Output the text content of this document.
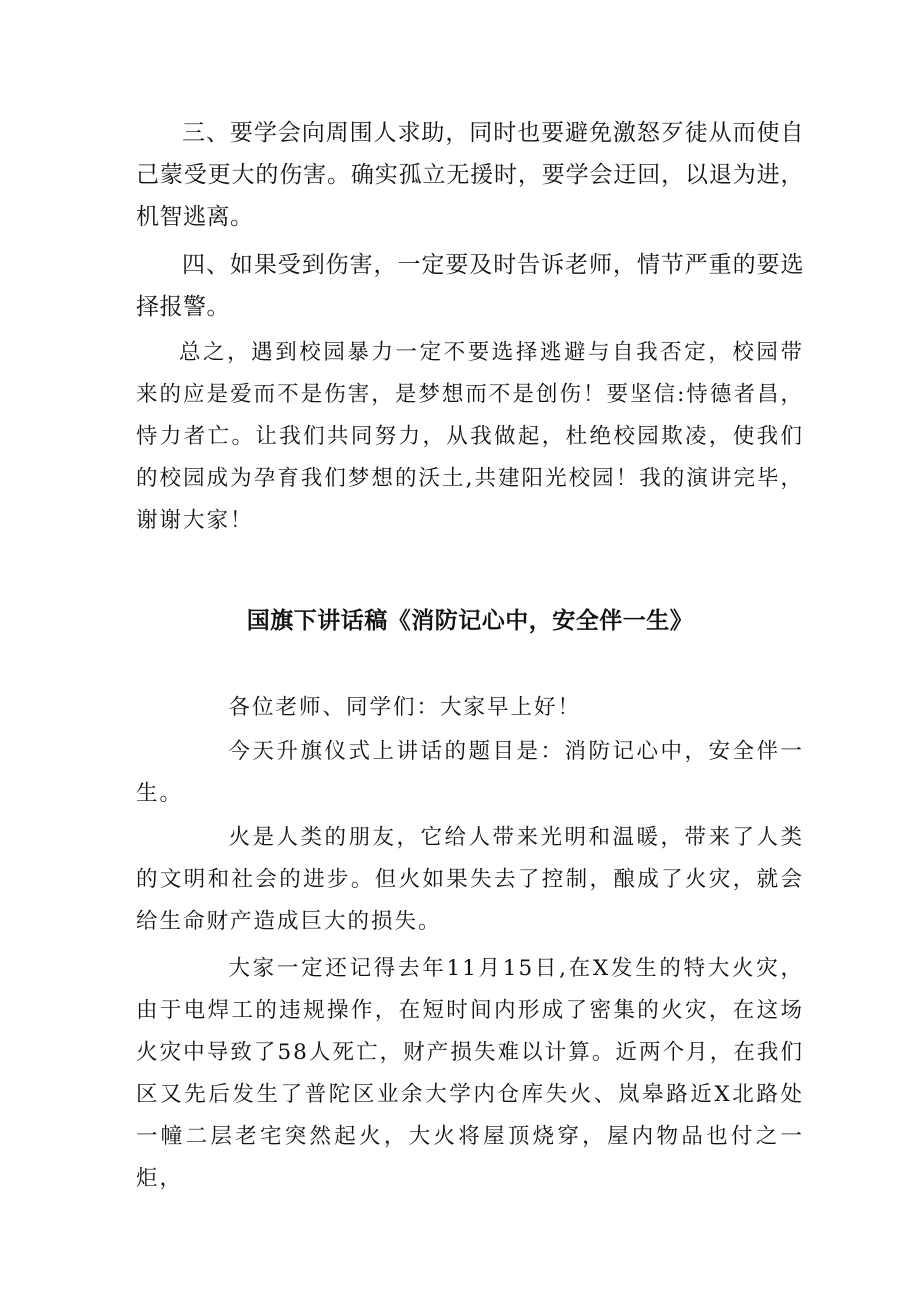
三、要学会向周围人求助，同时也要避免激怒歹徒从而使自己蒙受更大的伤害。确实孤立无援时，要学会迂回，以退为进，机智逃离。

四、如果受到伤害，一定要及时告诉老师，情节严重的要选择报警。

总之，遇到校园暴力一定不要选择逃避与自我否定，校园带来的应是爱而不是伤害，是梦想而不是创伤！要坚信:恃德者昌，恃力者亡。让我们共同努力，从我做起，杜绝校园欺凌，使我们的校园成为孕育我们梦想的沃土,共建阳光校园！我的演讲完毕，谢谢大家！

国旗下讲话稿《消防记心中，安全伴一生》

各位老师、同学们：大家早上好！

今天升旗仪式上讲话的题目是：消防记心中，安全伴一生。

火是人类的朋友，它给人带来光明和温暖，带来了人类的文明和社会的进步。但火如果失去了控制，酿成了火灾，就会给生命财产造成巨大的损失。

大家一定还记得去年11月15日,在X发生的特大火灾，由于电焊工的违规操作，在短时间内形成了密集的火灾，在这场火灾中导致了58人死亡，财产损失难以计算。近两个月，在我们区又先后发生了普陀区业余大学内仓库失火、岚皋路近X北路处一幢二层老宅突然起火，大火将屋顶烧穿，屋内物品也付之一炬，
